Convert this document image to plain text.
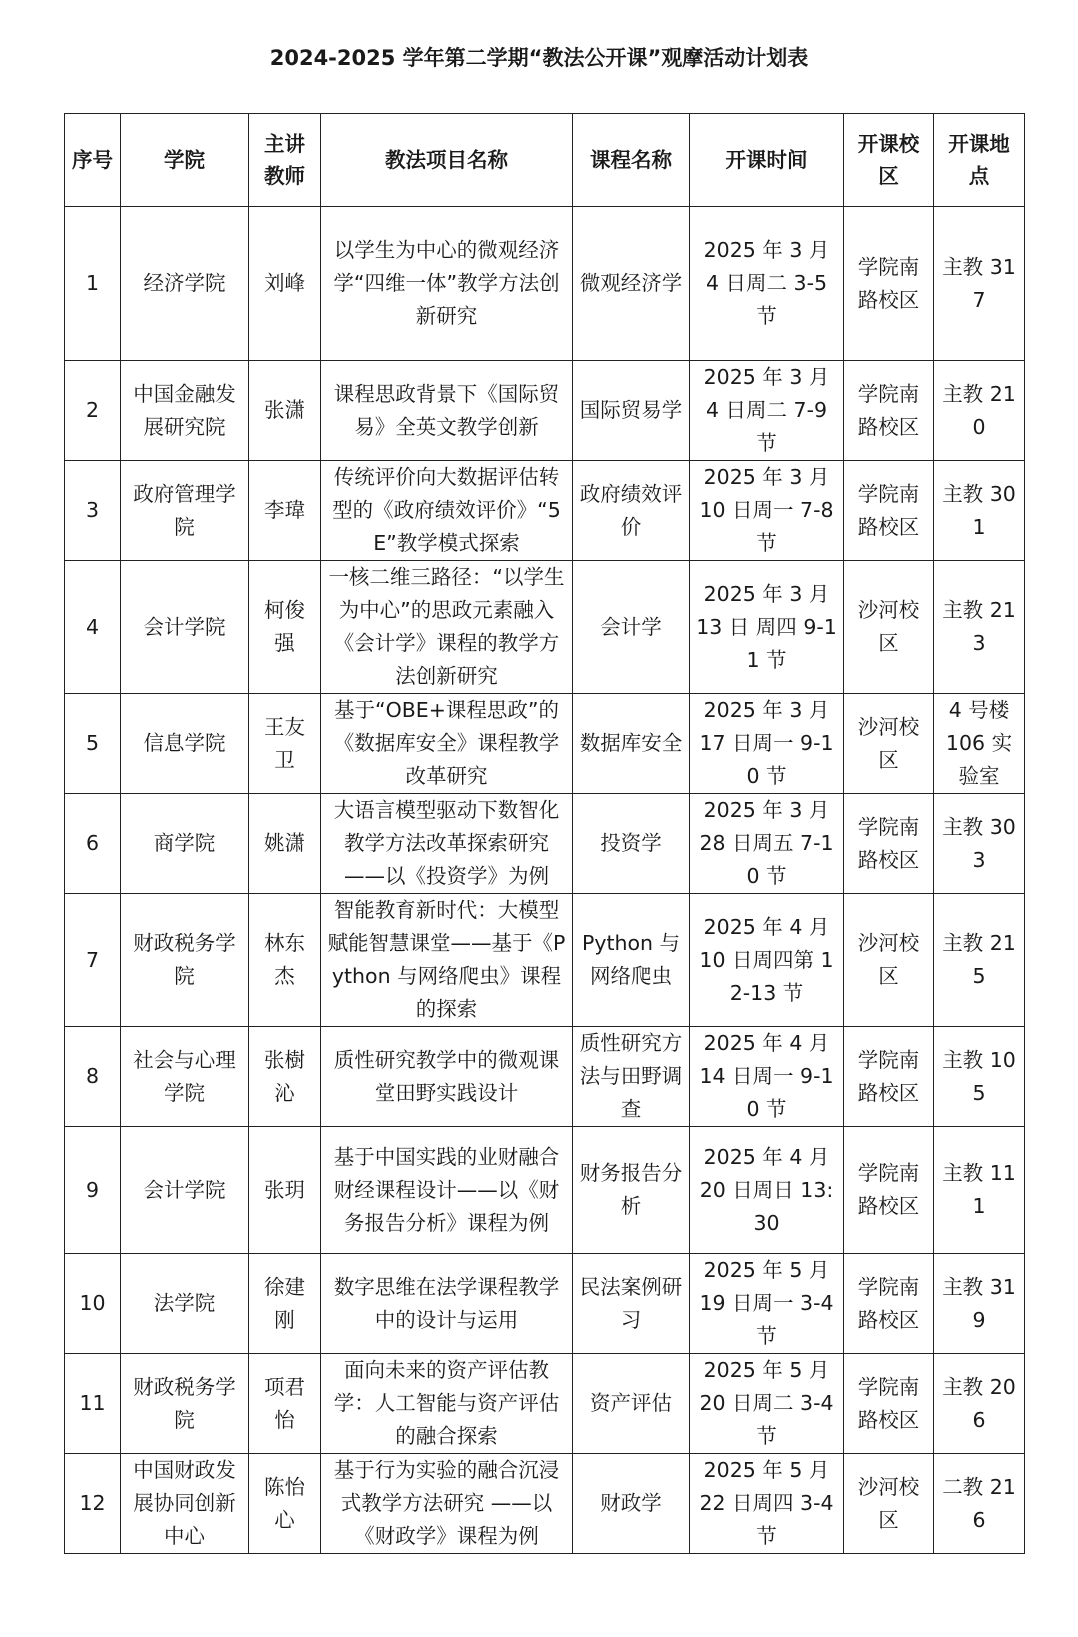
2024-2025 学年第二学期“教法公开课”观摩活动计划表
序号	学院	主讲教师	教法项目名称	课程名称	开课时间	开课校区	开课地点
1	经济学院	刘峰	以学生为中心的微观经济学“四维一体”教学方法创新研究	微观经济学	2025 年 3 月 4 日周二 3-5 节	学院南路校区	主教 317
2	中国金融发展研究院	张潇	课程思政背景下《国际贸易》全英文教学创新	国际贸易学	2025 年 3 月 4 日周二 7-9 节	学院南路校区	主教 210
3	政府管理学院	李瑋	传统评价向大数据评估转型的《政府绩效评价》“5E”教学模式探索	政府绩效评价	2025 年 3 月 10 日周一 7-8 节	学院南路校区	主教 301
4	会计学院	柯俊强	一核二维三路径：“以学生为中心”的思政元素融入《会计学》课程的教学方法创新研究	会计学	2025 年 3 月 13 日 周四 9-11 节	沙河校区	主教 213
5	信息学院	王友卫	基于“OBE+课程思政”的《数据库安全》课程教学改革研究	数据库安全	2025 年 3 月 17 日周一 9-10 节	沙河校区	4 号楼 106 实验室
6	商学院	姚潇	大语言模型驱动下数智化教学方法改革探索研究——以《投资学》为例	投资学	2025 年 3 月 28 日周五 7-10 节	学院南路校区	主教 303
7	财政税务学院	林东杰	智能教育新时代：大模型赋能智慧课堂——基于《Python 与网络爬虫》课程的探索	Python 与网络爬虫	2025 年 4 月 10 日周四第 12-13 节	沙河校区	主教 215
8	社会与心理学院	张樹沁	质性研究教学中的微观课堂田野实践设计	质性研究方法与田野调查	2025 年 4 月 14 日周一 9-10 节	学院南路校区	主教 105
9	会计学院	张玥	基于中国实践的业财融合财经课程设计——以《财务报告分析》课程为例	财务报告分析	2025 年 4 月 20 日周日 13:30	学院南路校区	主教 111
10	法学院	徐建刚	数字思维在法学课程教学中的设计与运用	民法案例研习	2025 年 5 月 19 日周一 3-4 节	学院南路校区	主教 319
11	财政税务学院	项君怡	面向未来的资产评估教学：人工智能与资产评估的融合探索	资产评估	2025 年 5 月 20 日周二 3-4 节	学院南路校区	主教 206
12	中国财政发展协同创新中心	陈怡心	基于行为实验的融合沉浸式教学方法研究 ——以《财政学》课程为例	财政学	2025 年 5 月 22 日周四 3-4 节	沙河校区	二教 216
